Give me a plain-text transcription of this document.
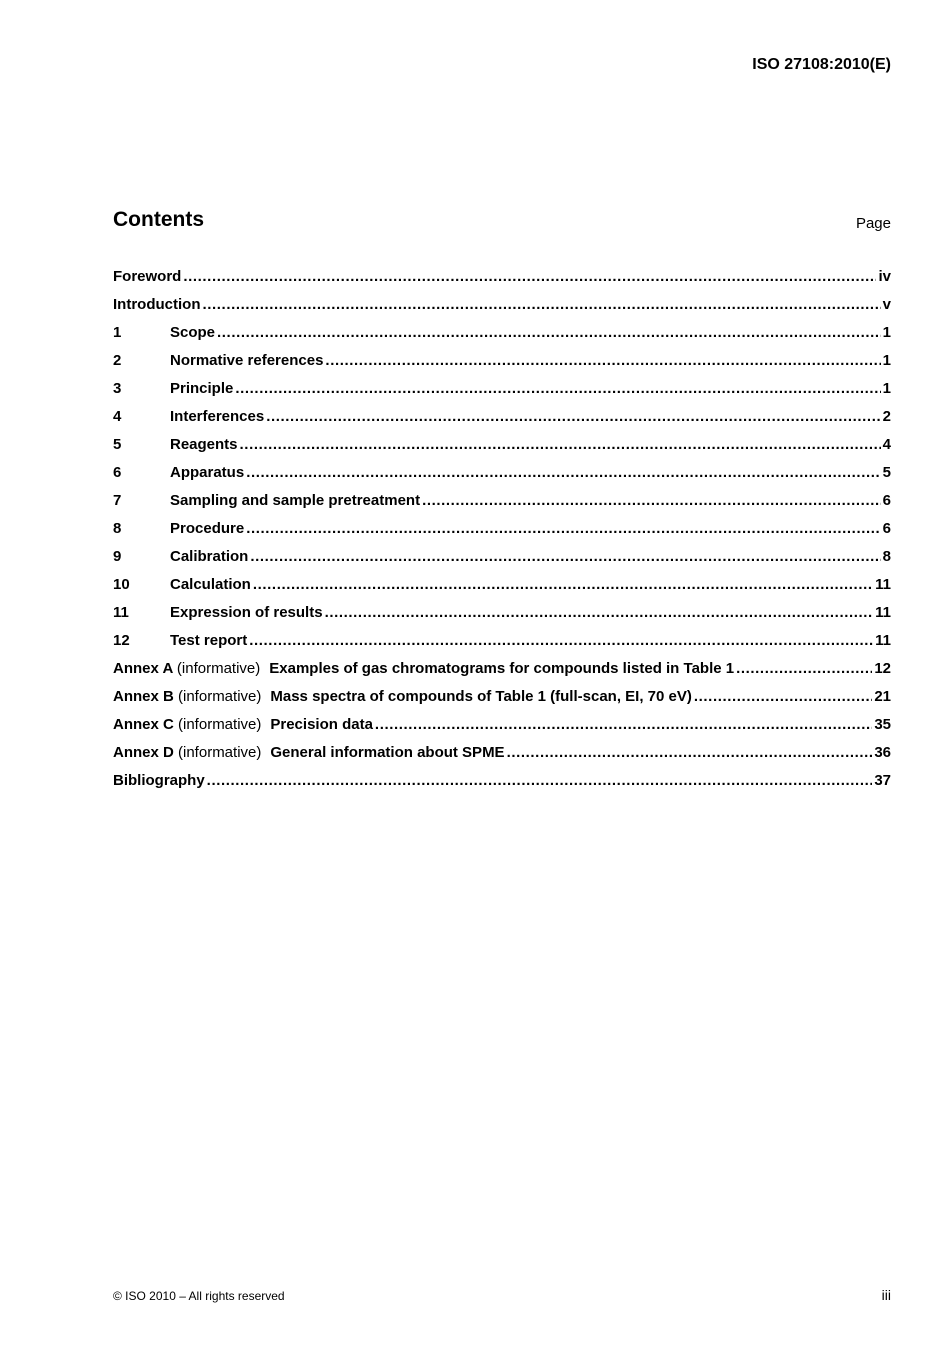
ISO 27108:2010(E)
Contents	Page
Foreword .....	iv
Introduction .....	v
1	Scope .....	1
2	Normative references .....	1
3	Principle .....	1
4	Interferences .....	2
5	Reagents .....	4
6	Apparatus .....	5
7	Sampling and sample pretreatment .....	6
8	Procedure .....	6
9	Calibration .....	8
10	Calculation .....	11
11	Expression of results .....	11
12	Test report .....	11
Annex A (informative) Examples of gas chromatograms for compounds listed in Table 1 .....	12
Annex B (informative) Mass spectra of compounds of Table 1 (full-scan, EI, 70 eV) .....	21
Annex C (informative) Precision data .....	35
Annex D (informative) General information about SPME .....	36
Bibliography .....	37
© ISO 2010 – All rights reserved	iii
